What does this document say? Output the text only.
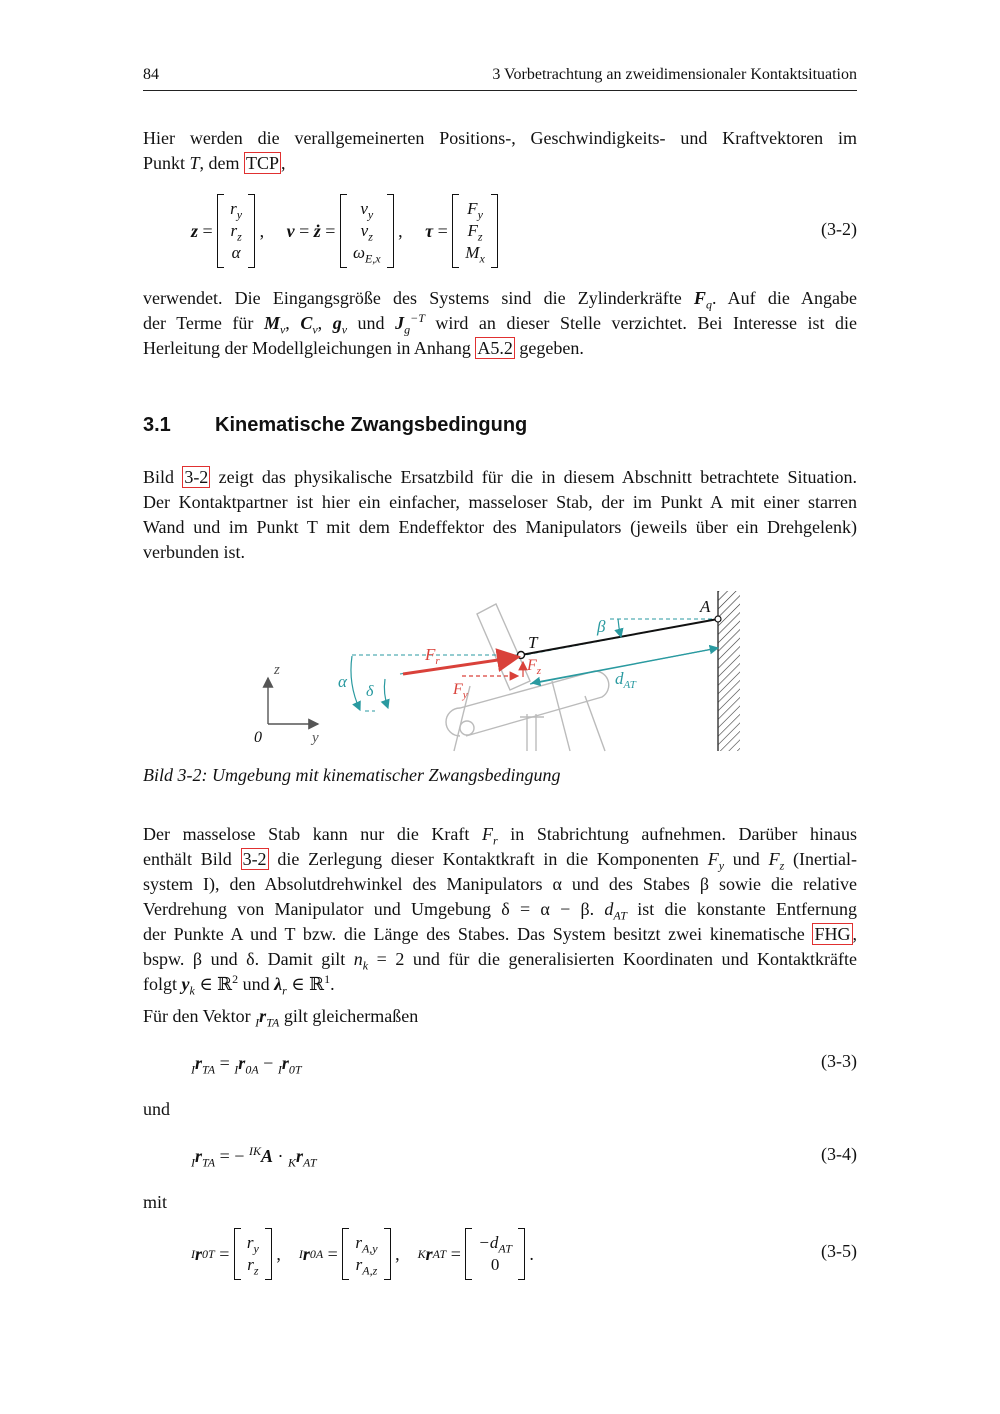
84	3 Vorbetrachtung an zweidimensionaler Kontaktsituation
Hier werden die verallgemeinerten Positions-, Geschwindigkeits- und Kraftvektoren im
Punkt T, dem TCP ,
z
=

$r_y$
$r_z$
α

,
v
=
ż
=

$v_y$
$v_z$
$\omega_{E,x}$

,
τ
=

$F_y$
$F_z$
$M_x$
(3-2)
verwendet. Die Eingangsgröße des Systems sind die Zylinderkräfte $F_q$. Auf die Angabe
der Terme für $M_v$, $C_v$, $g_v$ und $J_g^{-T}$ wird an dieser Stelle verzichtet. Bei Interesse ist die
Herleitung der Modellgleichungen in Anhang A5.2 gegeben.
3.1 Kinematische Zwangsbedingung
Bild 3-2 zeigt das physikalische Ersatzbild für die in diesem Abschnitt betrachtete Situation.
Der Kontaktpartner ist hier ein einfacher, masseloser Stab, der im Punkt A mit einer starren
Wand und im Punkt T mit dem Endeffektor des Manipulators (jeweils über ein Drehgelenk)
verbunden ist.
A
T
β
$F_r$	$F_z$
$F_y$
$d_{AT}$
α
δ
z
y
0
Bild 3-2: Umgebung mit kinematischer Zwangsbedingung
Der masselose Stab kann nur die Kraft $F_r$ in Stabrichtung aufnehmen. Darüber hinaus
enthält Bild 3-2 die Zerlegung dieser Kontaktkraft in die Komponenten $F_y$ und $F_z$ (Inertial-
system I), den Absolutdrehwinkel des Manipulators α und des Stabes β sowie die relative
Verdrehung von Manipulator und Umgebung δ = α − β. $d_{AT}$ ist die konstante Entfernung
der Punkte A und T bzw. die Länge des Stabes. Das System besitzt zwei kinematische FHG ,
bspw. β und δ. Damit gilt $n_k = 2$ und für die generalisierten Koordinaten und Kontaktkräfte
folgt $y_k$ ∈ ℝ$^2$ und $\lambda_r$ ∈ ℝ$^1$.
Für den Vektor $_Ir_{TA}$ gilt gleichermaßen
$_Ir_{TA} = _Ir_{0A} - _Ir_{0T}$	(3-3)
und
$_Ir_{TA}$ = − $^{IK}A \cdot _Kr_{AT}$	(3-4)
mit
I r 0T
=

$r_y$
$r_z$

,
I r 0A
=

$r_{A,y}$
$r_{A,z}$

,
K r AT
=

$-d_{AT}$
0

.	(3-5)
